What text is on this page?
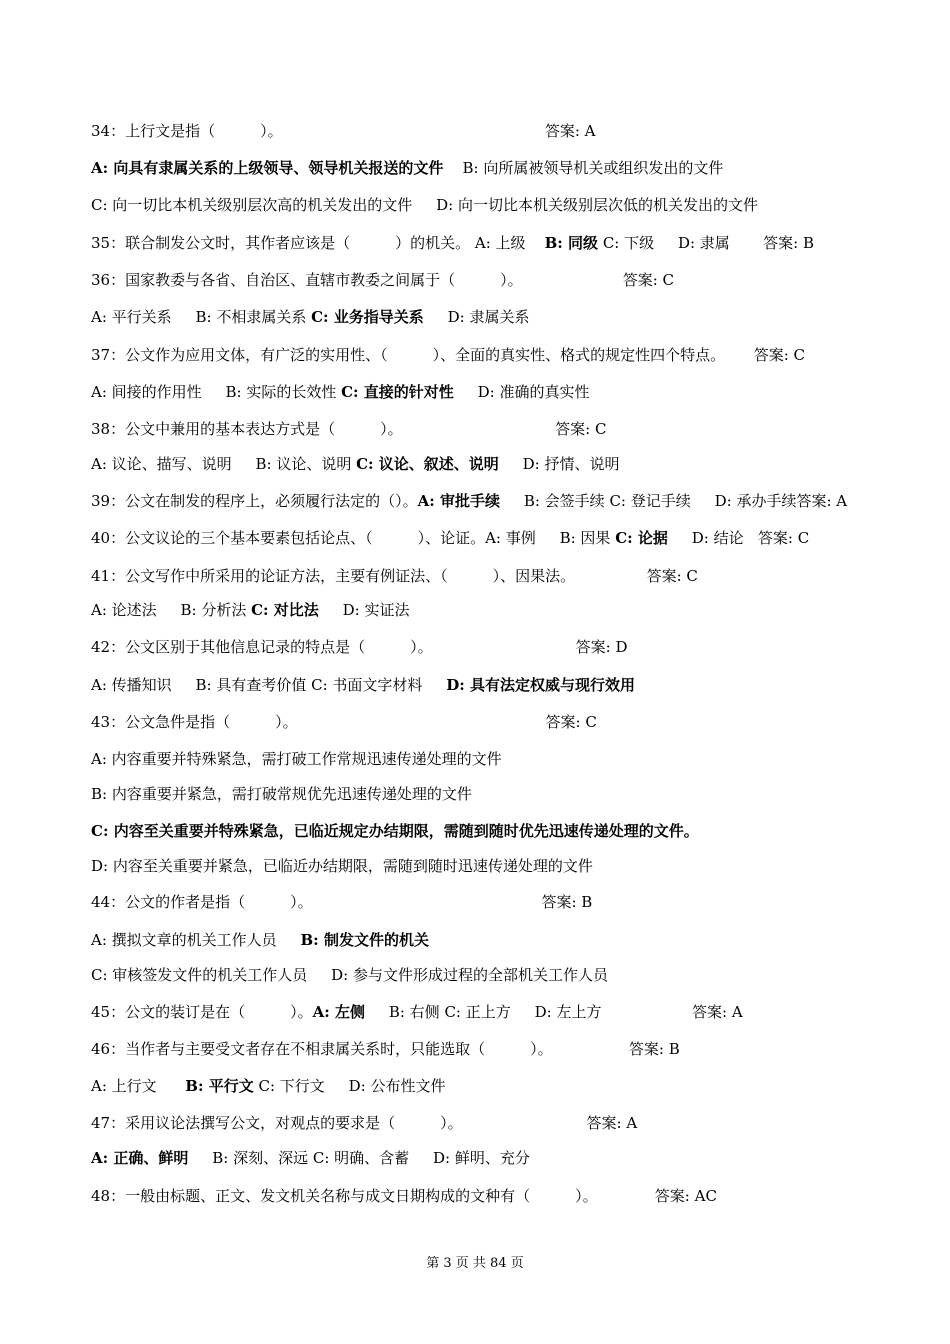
34：上行文是指（　　　）。                                                       答案: A
A: 向具有隶属关系的上级领导、领导机关报送的文件    B: 向所属被领导机关或组织发出的文件
C: 向一切比本机关级别层次高的机关发出的文件     D: 向一切比本机关级别层次低的机关发出的文件
35：联合制发公文时，其作者应该是（　　　）的机关。 A: 上级    B: 同级 C: 下级     D: 隶属       答案: B
36：国家教委与各省、自治区、直辖市教委之间属于（　　　）。                     答案: C
A: 平行关系     B: 不相隶属关系 C: 业务指导关系     D: 隶属关系
37：公文作为应用文体，有广泛的实用性、（　　　）、全面的真实性、格式的规定性四个特点。      答案: C
A: 间接的作用性     B: 实际的长效性 C: 直接的针对性     D: 准确的真实性
38：公文中兼用的基本表达方式是（　　　）。                                答案: C
A: 议论、描写、说明     B: 议论、说明 C: 议论、叙述、说明     D: 抒情、说明
39：公文在制发的程序上，必须履行法定的（）。A: 审批手续     B: 会签手续 C: 登记手续     D: 承办手续答案: A
40：公文议论的三个基本要素包括论点、（　　　）、论证。A: 事例     B: 因果 C: 论据     D: 结论   答案: C
41：公文写作中所采用的论证方法，主要有例证法、（　　　）、因果法。               答案: C
A: 论述法     B: 分析法 C: 对比法     D: 实证法
42：公文区别于其他信息记录的特点是（　　　）。                              答案: D
A: 传播知识     B: 具有查考价值 C: 书面文字材料     D: 具有法定权威与现行效用
43：公文急件是指（　　　）。                                                    答案: C
A: 内容重要并特殊紧急，需打破工作常规迅速传递处理的文件
B: 内容重要并紧急，需打破常规优先迅速传递处理的文件
C: 内容至关重要并特殊紧急，已临近规定办结期限，需随到随时优先迅速传递处理的文件。
D: 内容至关重要并紧急，已临近办结期限，需随到随时迅速传递处理的文件
44：公文的作者是指（　　　）。                                                答案: B
A: 撰拟文章的机关工作人员     B: 制发文件的机关
C: 审核签发文件的机关工作人员     D: 参与文件形成过程的全部机关工作人员
45：公文的装订是在（　　　）。A: 左侧     B: 右侧 C: 正上方     D: 左上方                   答案: A
46：当作者与主要受文者存在不相隶属关系时，只能选取（　　　）。                答案: B
A: 上行文      B: 平行文 C: 下行文     D: 公布性文件
47：采用议论法撰写公文，对观点的要求是（　　　）。                          答案: A
A: 正确、鲜明     B: 深刻、深远 C: 明确、含蓄     D: 鲜明、充分
48：一般由标题、正文、发文机关名称与成文日期构成的文种有（　　　）。            答案: AC
第 3 页 共 84 页
